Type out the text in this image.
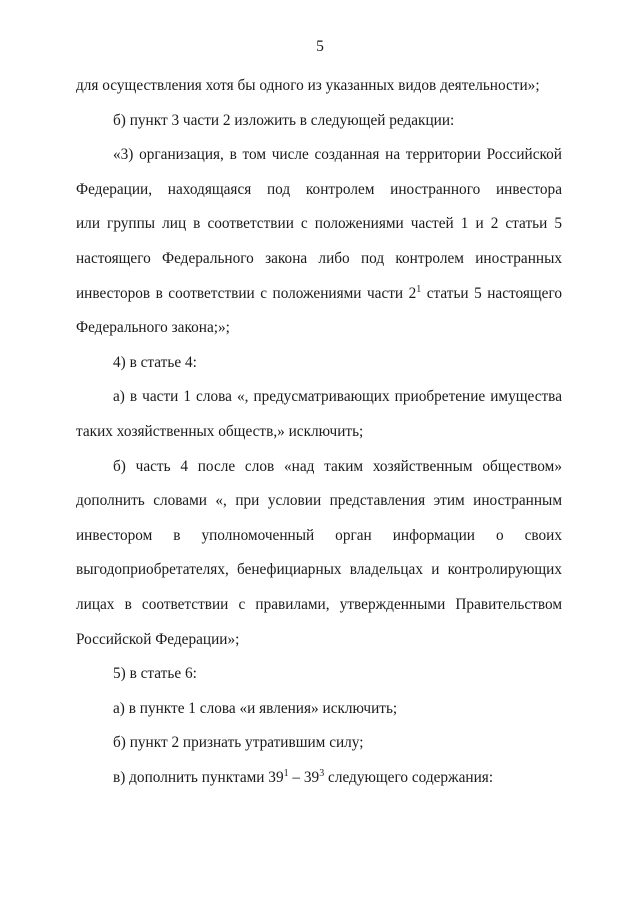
5
для осуществления хотя бы одного из указанных видов деятельности»;
б) пункт 3 части 2 изложить в следующей редакции:
«3) организация, в том числе созданная на территории Российской
Федерации, находящаяся под контролем иностранного инвестора
или группы лиц в соответствии с положениями частей 1 и 2 статьи 5
настоящего Федерального закона либо под контролем иностранных
инвесторов в соответствии с положениями части $2^1$ статьи 5 настоящего
Федерального закона;»;
4) в статье 4:
а) в части 1 слова «, предусматривающих приобретение имущества
таких хозяйственных обществ,» исключить;
б) часть 4 после слов «над таким хозяйственным обществом»
дополнить словами «, при условии представления этим иностранным
инвестором в уполномоченный орган информации о своих
выгодоприобретателях, бенефициарных владельцах и контролирующих
лицах в соответствии с правилами, утвержденными Правительством
Российской Федерации»;
5) в статье 6:
а) в пункте 1 слова «и явления» исключить;
б) пункт 2 признать утратившим силу;
в) дополнить пунктами $39^1 - 39^3$ следующего содержания:
